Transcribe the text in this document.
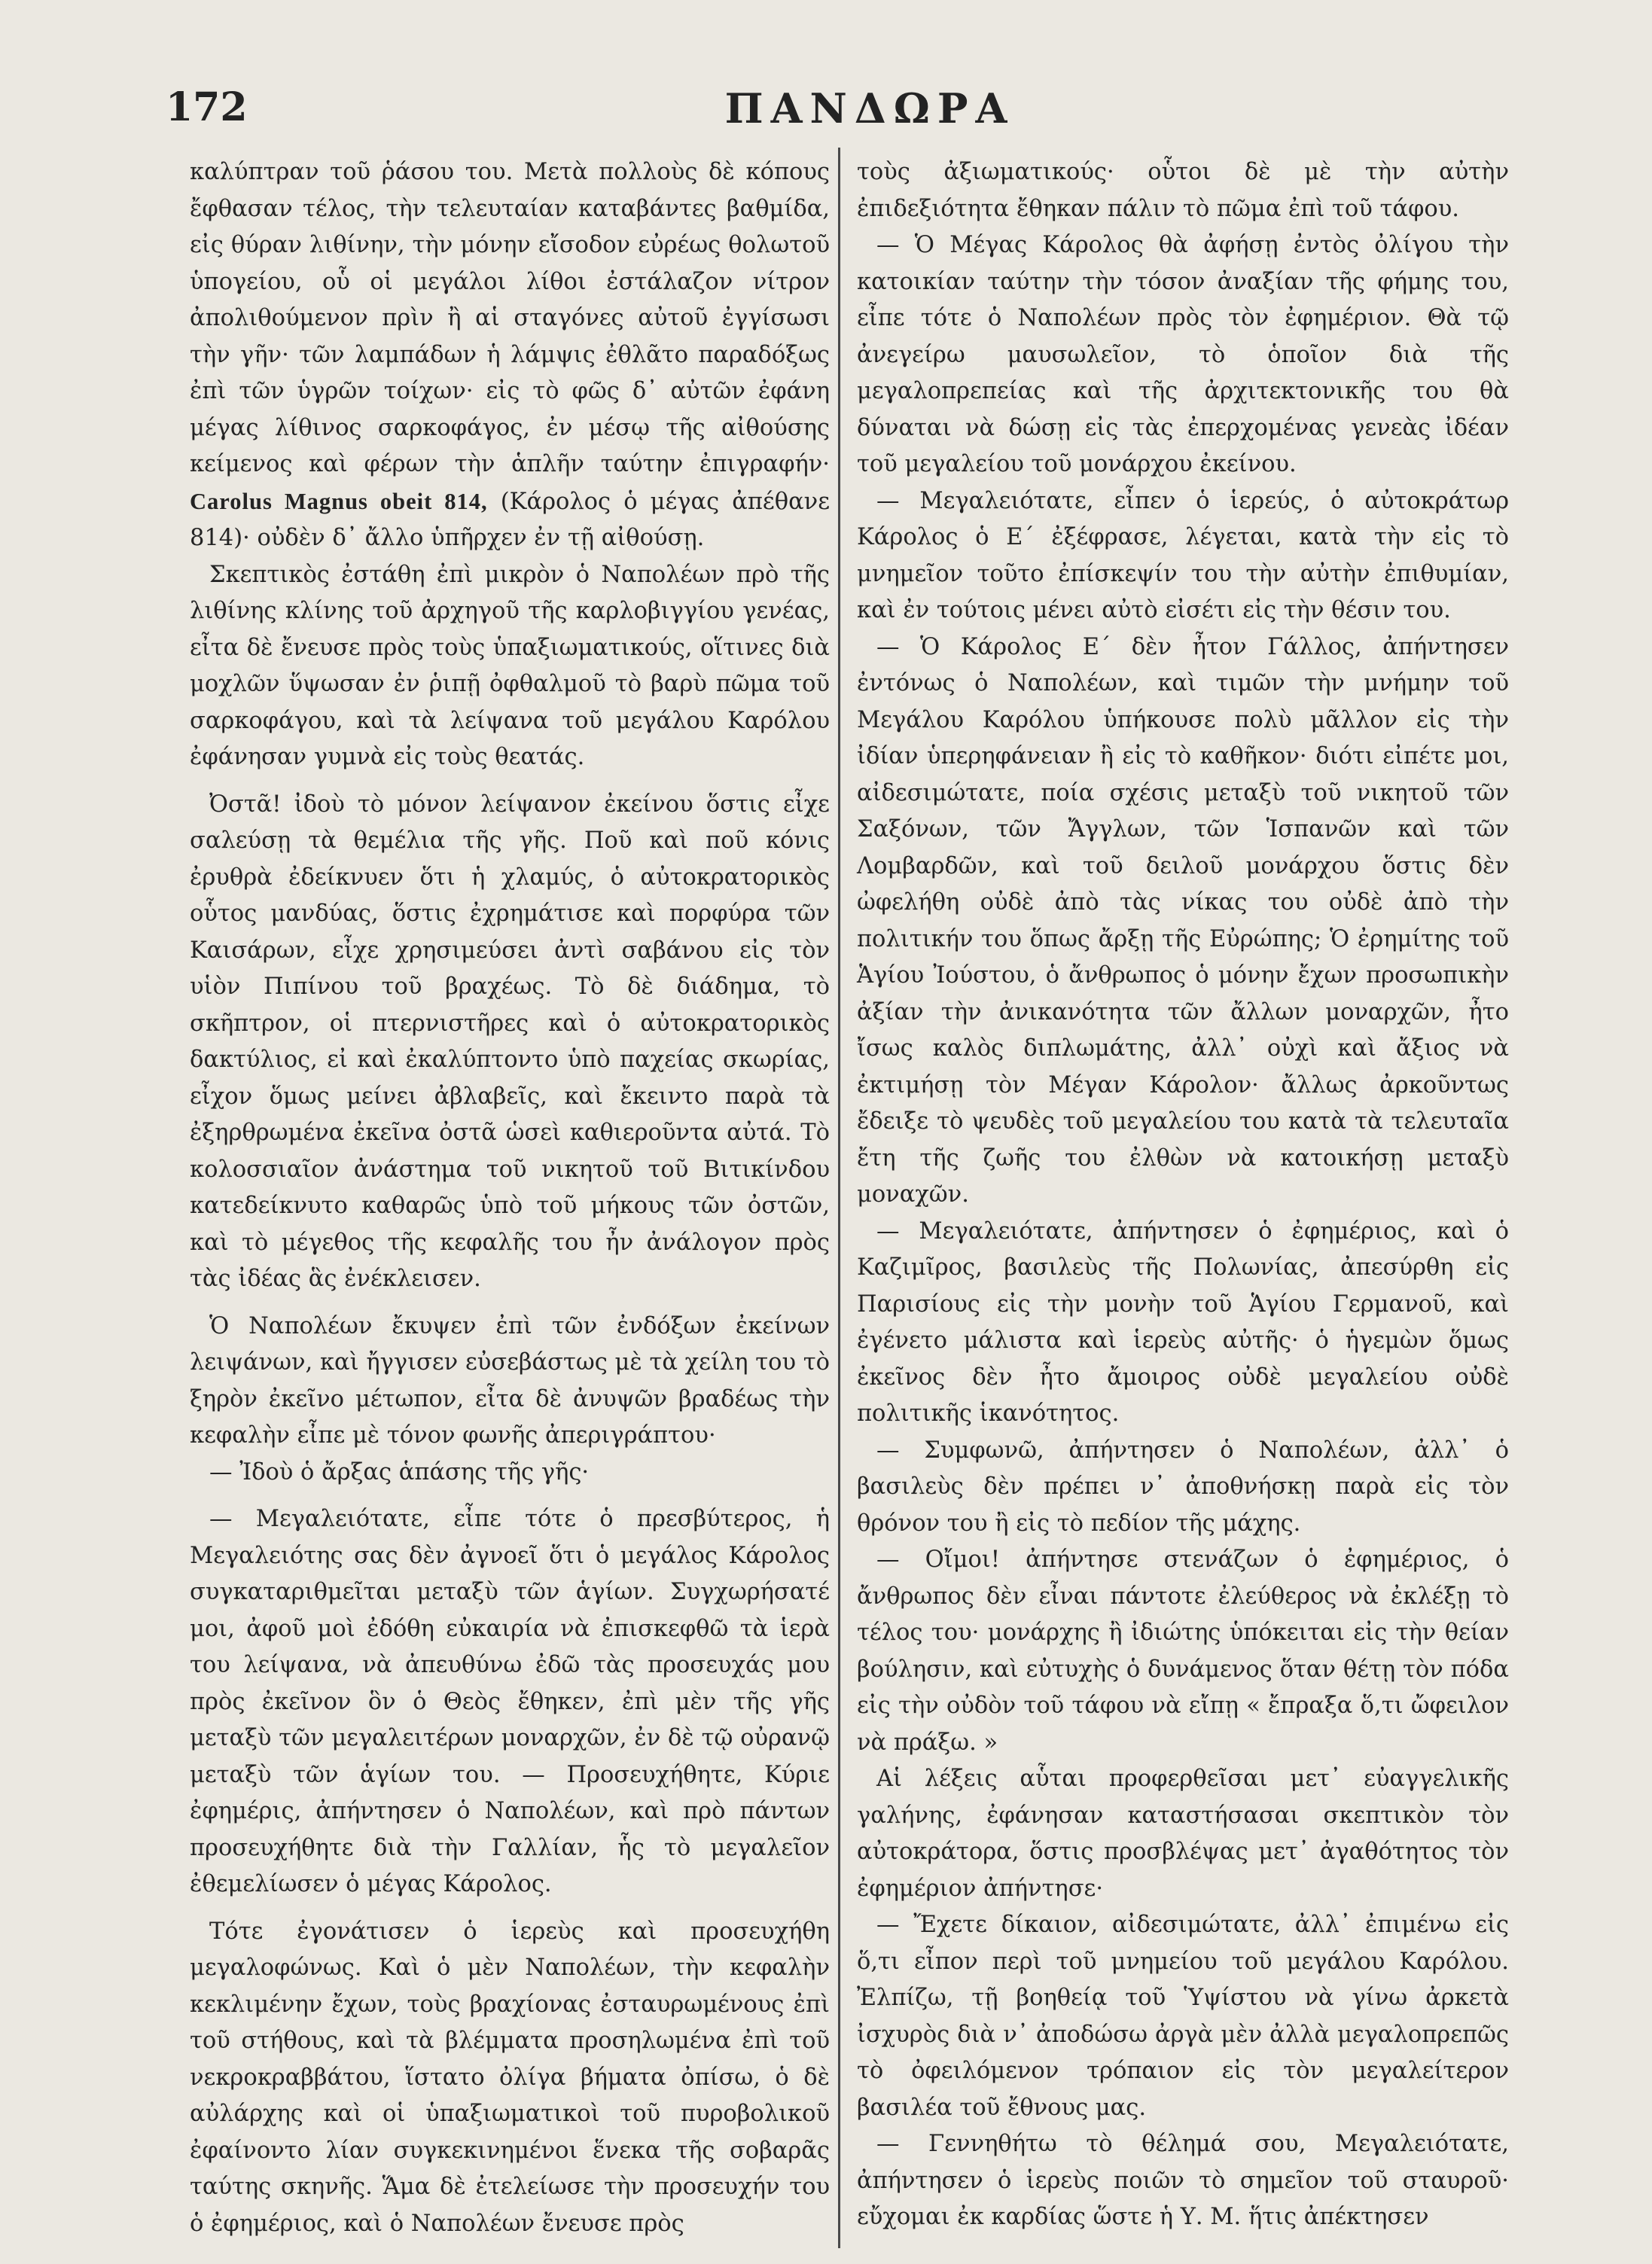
172	ΠΑΝΔΩΡΑ

καλύπτραν τοῦ ῥάσου του. Μετὰ πολλοὺς δὲ κόπους ἔφθασαν τέλος, τὴν τελευταίαν καταβάντες βαθμίδα, εἰς θύραν λιθίνην, τὴν μόνην εἴσοδον εὐρέως θολωτοῦ ὑπογείου, οὗ οἱ μεγάλοι λίθοι ἐστάλαζον νίτρον ἀπολιθούμενον πρὶν ἢ αἱ σταγόνες αὐτοῦ ἐγγίσωσι τὴν γῆν· τῶν λαμπάδων ἡ λάμψις ἐθλᾶτο παραδόξως ἐπὶ τῶν ὑγρῶν τοίχων· εἰς τὸ φῶς δ᾽ αὐτῶν ἐφάνη μέγας λίθινος σαρκοφάγος, ἐν μέσῳ τῆς αἰθούσης κείμενος καὶ φέρων τὴν ἁπλῆν ταύτην ἐπιγραφήν· Carolus Magnus obeit 814, (Κάρολος ὁ μέγας ἀπέθανε 814)· οὐδὲν δ᾽ ἄλλο ὑπῆρχεν ἐν τῇ αἰθούσῃ.

Σκεπτικὸς ἐστάθη ἐπὶ μικρὸν ὁ Ναπολέων πρὸ τῆς λιθίνης κλίνης τοῦ ἀρχηγοῦ τῆς καρλοβιγγίου γενέας, εἶτα δὲ ἔνευσε πρὸς τοὺς ὑπαξιωματικούς, οἵτινες διὰ μοχλῶν ὕψωσαν ἐν ῥιπῇ ὀφθαλμοῦ τὸ βαρὺ πῶμα τοῦ σαρκοφάγου, καὶ τὰ λείψανα τοῦ μεγάλου Καρόλου ἐφάνησαν γυμνὰ εἰς τοὺς θεατάς.

Ὀστᾶ! ἰδοὺ τὸ μόνον λείψανον ἐκείνου ὅστις εἶχε σαλεύσῃ τὰ θεμέλια τῆς γῆς. Ποῦ καὶ ποῦ κόνις ἐρυθρὰ ἐδείκνυεν ὅτι ἡ χλαμύς, ὁ αὐτοκρατορικὸς οὗτος μανδύας, ὅστις ἐχρημάτισε καὶ πορφύρα τῶν Καισάρων, εἶχε χρησιμεύσει ἀντὶ σαβάνου εἰς τὸν υἱὸν Πιπίνου τοῦ βραχέως. Τὸ δὲ διάδημα, τὸ σκῆπτρον, οἱ πτερνιστῆρες καὶ ὁ αὐτοκρατορικὸς δακτύλιος, εἰ καὶ ἐκαλύπτοντο ὑπὸ παχείας σκωρίας, εἶχον ὅμως μείνει ἀβλαβεῖς, καὶ ἔκειντο παρὰ τὰ ἐξηρθρωμένα ἐκεῖνα ὀστᾶ ὡσεὶ καθιεροῦντα αὐτά. Τὸ κολοσσιαῖον ἀνάστημα τοῦ νικητοῦ τοῦ Βιτικίνδου κατεδείκνυτο καθαρῶς ὑπὸ τοῦ μήκους τῶν ὀστῶν, καὶ τὸ μέγεθος τῆς κεφαλῆς του ἦν ἀνάλογον πρὸς τὰς ἰδέας ἃς ἐνέκλεισεν.

Ὁ Ναπολέων ἔκυψεν ἐπὶ τῶν ἐνδόξων ἐκείνων λειψάνων, καὶ ἤγγισεν εὐσεβάστως μὲ τὰ χείλη του τὸ ξηρὸν ἐκεῖνο μέτωπον, εἶτα δὲ ἀνυψῶν βραδέως τὴν κεφαλὴν εἶπε μὲ τόνον φωνῆς ἀπεριγράπτου·

— Ἰδοὺ ὁ ἄρξας ἁπάσης τῆς γῆς·

— Μεγαλειότατε, εἶπε τότε ὁ πρεσβύτερος, ἡ Μεγαλειότης σας δὲν ἀγνοεῖ ὅτι ὁ μεγάλος Κάρολος συγκαταριθμεῖται μεταξὺ τῶν ἁγίων. Συγχωρήσατέ μοι, ἀφοῦ μοὶ ἐδόθη εὐκαιρία νὰ ἐπισκεφθῶ τὰ ἱερὰ του λείψανα, νὰ ἀπευθύνω ἐδῶ τὰς προσευχάς μου πρὸς ἐκεῖνον ὃν ὁ Θεὸς ἔθηκεν, ἐπὶ μὲν τῆς γῆς μεταξὺ τῶν μεγαλειτέρων μοναρχῶν, ἐν δὲ τῷ οὐρανῷ μεταξὺ τῶν ἁγίων του. — Προσευχήθητε, Κύριε ἐφημέρις, ἀπήντησεν ὁ Ναπολέων, καὶ πρὸ πάντων προσευχήθητε διὰ τὴν Γαλλίαν, ἧς τὸ μεγαλεῖον ἐθεμελίωσεν ὁ μέγας Κάρολος.

Τότε ἐγονάτισεν ὁ ἱερεὺς καὶ προσευχήθη μεγαλοφώνως. Καὶ ὁ μὲν Ναπολέων, τὴν κεφαλὴν κεκλιμένην ἔχων, τοὺς βραχίονας ἐσταυρωμένους ἐπὶ τοῦ στήθους, καὶ τὰ βλέμματα προσηλωμένα ἐπὶ τοῦ νεκροκραββάτου, ἵστατο ὀλίγα βήματα ὀπίσω, ὁ δὲ αὐλάρχης καὶ οἱ ὑπαξιωματικοὶ τοῦ πυροβολικοῦ ἐφαίνοντο λίαν συγκεκινημένοι ἕνεκα τῆς σοβαρᾶς ταύτης σκηνῆς. Ἅμα δὲ ἐτελείωσε τὴν προσευχήν του ὁ ἐφημέριος, καὶ ὁ Ναπολέων ἔνευσε πρὸς

τοὺς ἀξιωματικούς· οὗτοι δὲ μὲ τὴν αὐτὴν ἐπιδεξιότητα ἔθηκαν πάλιν τὸ πῶμα ἐπὶ τοῦ τάφου.

— Ὁ Μέγας Κάρολος θὰ ἀφήσῃ ἐντὸς ὀλίγου τὴν κατοικίαν ταύτην τὴν τόσον ἀναξίαν τῆς φήμης του, εἶπε τότε ὁ Ναπολέων πρὸς τὸν ἐφημέριον. Θὰ τῷ ἀνεγείρω μαυσωλεῖον, τὸ ὁποῖον διὰ τῆς μεγαλοπρεπείας καὶ τῆς ἀρχιτεκτονικῆς του θὰ δύναται νὰ δώσῃ εἰς τὰς ἐπερχομένας γενεὰς ἰδέαν τοῦ μεγαλείου τοῦ μονάρχου ἐκείνου.

— Μεγαλειότατε, εἶπεν ὁ ἱερεύς, ὁ αὐτοκράτωρ Κάρολος ὁ Ε΄ ἐξέφρασε, λέγεται, κατὰ τὴν εἰς τὸ μνημεῖον τοῦτο ἐπίσκεψίν του τὴν αὐτὴν ἐπιθυμίαν, καὶ ἐν τούτοις μένει αὐτὸ εἰσέτι εἰς τὴν θέσιν του.

— Ὁ Κάρολος Ε΄ δὲν ἦτον Γάλλος, ἀπήντησεν ἐντόνως ὁ Ναπολέων, καὶ τιμῶν τὴν μνήμην τοῦ Μεγάλου Καρόλου ὑπήκουσε πολὺ μᾶλλον εἰς τὴν ἰδίαν ὑπερηφάνειαν ἢ εἰς τὸ καθῆκον· διότι εἰπέτε μοι, αἰδεσιμώτατε, ποία σχέσις μεταξὺ τοῦ νικητοῦ τῶν Σαξόνων, τῶν Ἄγγλων, τῶν Ἱσπανῶν καὶ τῶν Λομβαρδῶν, καὶ τοῦ δειλοῦ μονάρχου ὅστις δὲν ὠφελήθη οὐδὲ ἀπὸ τὰς νίκας του οὐδὲ ἀπὸ τὴν πολιτικήν του ὅπως ἄρξῃ τῆς Εὐρώπης; Ὁ ἐρημίτης τοῦ Ἁγίου Ἰούστου, ὁ ἄνθρωπος ὁ μόνην ἔχων προσωπικὴν ἀξίαν τὴν ἀνικανότητα τῶν ἄλλων μοναρχῶν, ἦτο ἴσως καλὸς διπλωμάτης, ἀλλ᾽ οὐχὶ καὶ ἄξιος νὰ ἐκτιμήσῃ τὸν Μέγαν Κάρολον· ἄλλως ἀρκοῦντως ἔδειξε τὸ ψευδὲς τοῦ μεγαλείου του κατὰ τὰ τελευταῖα ἔτη τῆς ζωῆς του ἐλθὼν νὰ κατοικήσῃ μεταξὺ μοναχῶν.

— Μεγαλειότατε, ἀπήντησεν ὁ ἐφημέριος, καὶ ὁ Καζιμῖρος, βασιλεὺς τῆς Πολωνίας, ἀπεσύρθη εἰς Παρισίους εἰς τὴν μονὴν τοῦ Ἁγίου Γερμανοῦ, καὶ ἐγένετο μάλιστα καὶ ἱερεὺς αὐτῆς· ὁ ἡγεμὼν ὅμως ἐκεῖνος δὲν ἦτο ἄμοιρος οὐδὲ μεγαλείου οὐδὲ πολιτικῆς ἱκανότητος.

— Συμφωνῶ, ἀπήντησεν ὁ Ναπολέων, ἀλλ᾽ ὁ βασιλεὺς δὲν πρέπει ν᾽ ἀποθνήσκῃ παρὰ εἰς τὸν θρόνον του ἢ εἰς τὸ πεδίον τῆς μάχης.

— Οἴμοι! ἀπήντησε στενάζων ὁ ἐφημέριος, ὁ ἄνθρωπος δὲν εἶναι πάντοτε ἐλεύθερος νὰ ἐκλέξῃ τὸ τέλος του· μονάρχης ἢ ἰδιώτης ὑπόκειται εἰς τὴν θείαν βούλησιν, καὶ εὐτυχὴς ὁ δυνάμενος ὅταν θέτῃ τὸν πόδα εἰς τὴν οὐδὸν τοῦ τάφου νὰ εἴπῃ « ἔπραξα ὅ,τι ὤφειλον νὰ πράξω. »

Αἱ λέξεις αὗται προφερθεῖσαι μετ᾽ εὐαγγελικῆς γαλήνης, ἐφάνησαν καταστήσασαι σκεπτικὸν τὸν αὐτοκράτορα, ὅστις προσβλέψας μετ᾽ ἀγαθότητος τὸν ἐφημέριον ἀπήντησε·

— Ἔχετε δίκαιον, αἰδεσιμώτατε, ἀλλ᾽ ἐπιμένω εἰς ὅ,τι εἶπον περὶ τοῦ μνημείου τοῦ μεγάλου Καρόλου. Ἐλπίζω, τῇ βοηθείᾳ τοῦ Ὑψίστου νὰ γίνω ἀρκετὰ ἰσχυρὸς διὰ ν᾽ ἀποδώσω ἀργὰ μὲν ἀλλὰ μεγαλοπρεπῶς τὸ ὀφειλόμενον τρόπαιον εἰς τὸν μεγαλείτερον βασιλέα τοῦ ἔθνους μας.

— Γεννηθήτω τὸ θέλημά σου, Μεγαλειότατε, ἀπήντησεν ὁ ἱερεὺς ποιῶν τὸ σημεῖον τοῦ σταυροῦ· εὔχομαι ἐκ καρδίας ὥστε ἡ Υ. Μ. ἥτις ἀπέκτησεν
